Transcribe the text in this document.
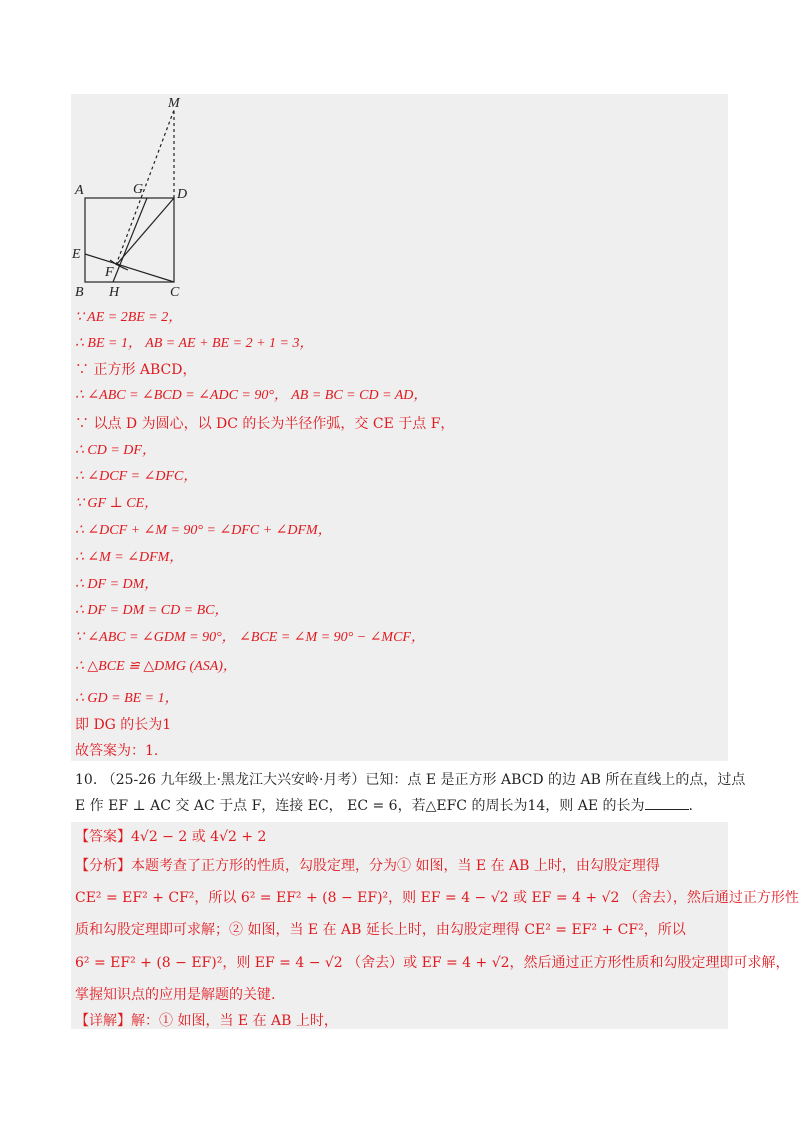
M
A	G D
E
F
B H	C
∵ AE = 2BE = 2，
∴ BE = 1， AB = AE + BE = 2 + 1 = 3，
∵ 正方形 ABCD，
∴ ∠ABC = ∠BCD = ∠ADC = 90°， AB = BC = CD = AD，
∵ 以点 D 为圆心，以 DC 的长为半径作弧，交 CE 于点 F，
∴ CD = DF，
∴ ∠DCF = ∠DFC，
∵ GF ⊥ CE，
∴ ∠DCF + ∠M = 90° = ∠DFC + ∠DFM，
∴ ∠M = ∠DFM，
∴ DF = DM，
∴ DF = DM = CD = BC，
∵ ∠ABC = ∠GDM = 90°， ∠BCE = ∠M = 90° − ∠MCF，
∴ △BCE ≌ △DMG (ASA)，
∴ GD = BE = 1，
即 DG 的长为1
故答案为：1.
10. （25-26 九年级上·黑龙江大兴安岭·月考）已知：点 E 是正方形 ABCD 的边 AB 所在直线上的点，过点
E 作 EF ⊥ AC 交 AC 于点 F，连接 EC， EC = 6，若△EFC 的周长为14，则 AE 的长为	.
【答案】4√2 − 2 或 4√2 + 2
【分析】本题考查了正方形的性质，勾股定理，分为① 如图，当 E 在 AB 上时，由勾股定理得
CE² = EF² + CF²，所以 6² = EF² + (8 − EF)²，则 EF = 4 − √2 或 EF = 4 + √2 （舍去），然后通过正方形性
质和勾股定理即可求解；② 如图，当 E 在 AB 延长上时，由勾股定理得 CE² = EF² + CF²，所以
6² = EF² + (8 − EF)²，则 EF = 4 − √2 （舍去）或 EF = 4 + √2，然后通过正方形性质和勾股定理即可求解，
掌握知识点的应用是解题的关键.
【详解】解：① 如图，当 E 在 AB 上时，
